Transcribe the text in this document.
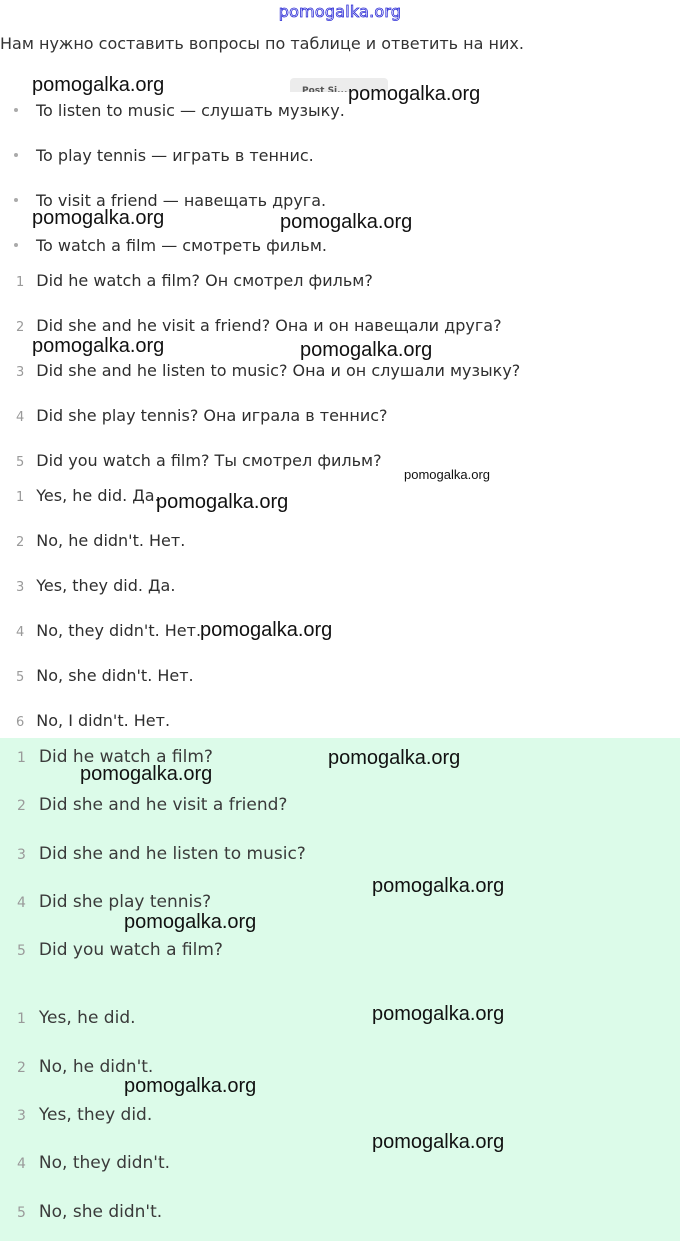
pomogalka.org
Нам нужно составить вопросы по таблице и ответить на них.
Post Si...
To listen to music — слушать музыку.
To play tennis — играть в теннис.
To visit a friend — навещать друга.
To watch a film — смотреть фильм.
1 Did he watch a film? Он смотрел фильм?
2 Did she and he visit a friend? Она и он навещали друга?
3 Did she and he listen to music? Она и он слушали музыку?
4 Did she play tennis? Она играла в теннис?
5 Did you watch a film? Ты смотрел фильм?
1 Yes, he did. Да.
2 No, he didn't. Нет.
3 Yes, they did. Да.
4 No, they didn't. Нет.
5 No, she didn't. Нет.
6 No, I didn't. Нет.
1 Did he watch a film?
2 Did she and he visit a friend?
3 Did she and he listen to music?
4 Did she play tennis?
5 Did you watch a film?
1 Yes, he did.
2 No, he didn't.
3 Yes, they did.
4 No, they didn't.
5 No, she didn't.
pomogalka.org	pomogalka.org
pomogalka.org	pomogalka.org
pomogalka.org	pomogalka.org
pomogalka.org
pomogalka.org
pomogalka.org
pomogalka.org
pomogalka.org
pomogalka.org
pomogalka.org
pomogalka.org
pomogalka.org
pomogalka.org
